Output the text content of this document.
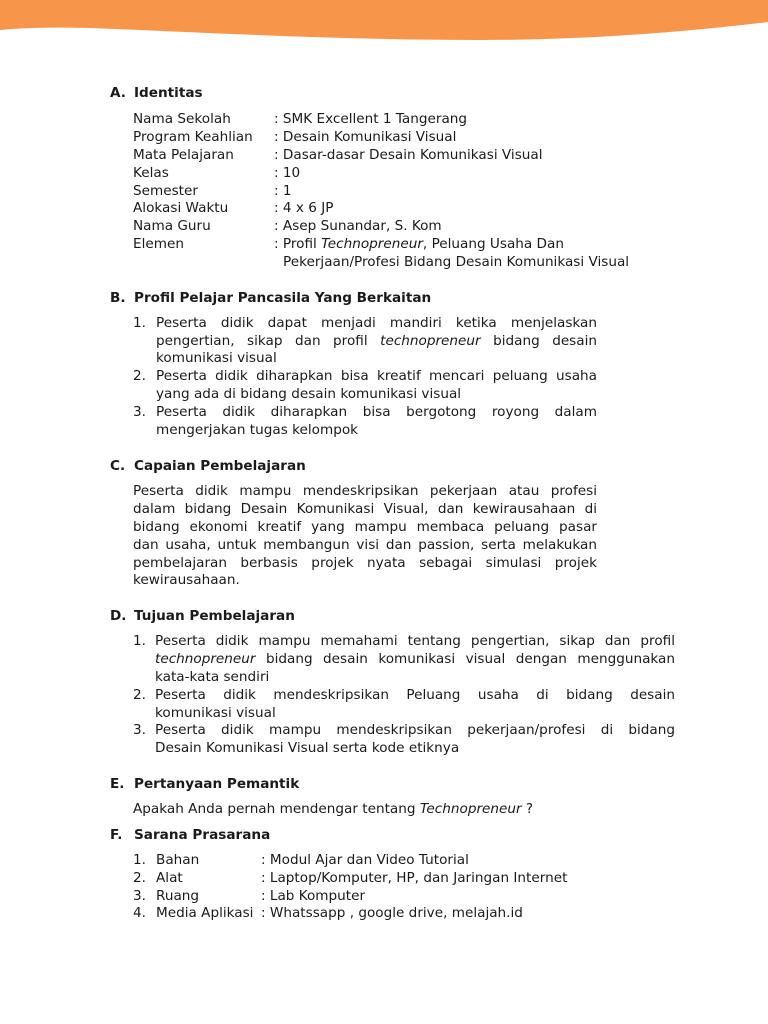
A. Identitas
Nama Sekolah	: SMK Excellent 1 Tangerang
Program Keahlian : Desain Komunikasi Visual
Mata Pelajaran	: Dasar-dasar Desain Komunikasi Visual
Kelas	: 10
Semester	: 1
Alokasi Waktu	: 4 x 6 JP
Nama Guru	: Asep Sunandar, S. Kom
Elemen	: Profil Technopreneur, Peluang Usaha Dan
Pekerjaan/Profesi Bidang Desain Komunikasi Visual
B. Profil Pelajar Pancasila Yang Berkaitan
1. Peserta didik dapat menjadi mandiri ketika menjelaskan
pengertian, sikap dan profil technopreneur bidang desain
komunikasi visual
2. Peserta didik diharapkan bisa kreatif mencari peluang usaha
yang ada di bidang desain komunikasi visual
3. Peserta didik diharapkan bisa bergotong royong dalam
mengerjakan tugas kelompok
C. Capaian Pembelajaran
Peserta didik mampu mendeskripsikan pekerjaan atau profesi
dalam bidang Desain Komunikasi Visual, dan kewirausahaan di
bidang ekonomi kreatif yang mampu membaca peluang pasar
dan usaha, untuk membangun visi dan passion, serta melakukan
pembelajaran berbasis projek nyata sebagai simulasi projek
kewirausahaan.
D. Tujuan Pembelajaran
1. Peserta didik mampu memahami tentang pengertian, sikap dan profil
technopreneur bidang desain komunikasi visual dengan menggunakan
kata-kata sendiri
2. Peserta didik mendeskripsikan Peluang usaha di bidang desain
komunikasi visual
3. Peserta didik mampu mendeskripsikan pekerjaan/profesi di bidang
Desain Komunikasi Visual serta kode etiknya
E. Pertanyaan Pemantik
Apakah Anda pernah mendengar tentang Technopreneur ?
F. Sarana Prasarana
1. Bahan	: Modul Ajar dan Video Tutorial
2. Alat	: Laptop/Komputer, HP, dan Jaringan Internet
3. Ruang	: Lab Komputer
4. Media Aplikasi : Whatssapp , google drive, melajah.id
